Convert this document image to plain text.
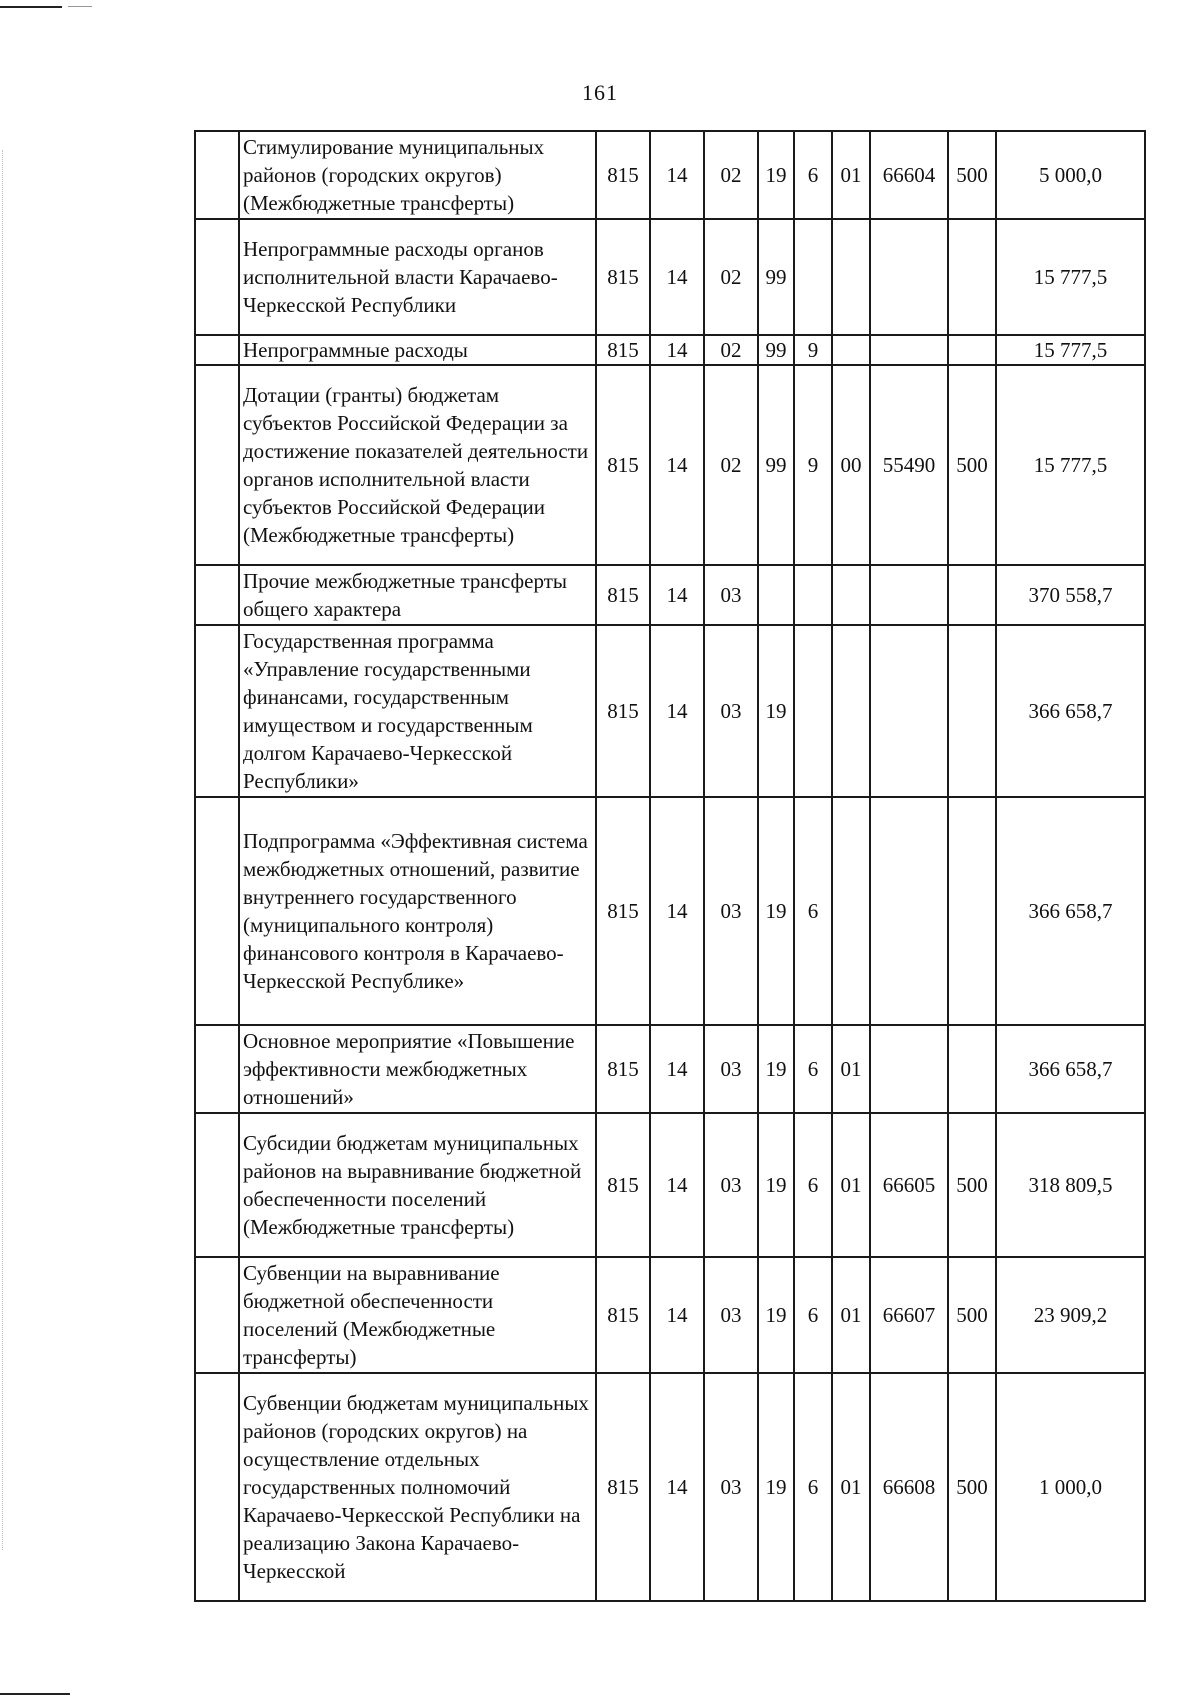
161
	Стимулирование муниципальных районов (городских округов) (Межбюджетные трансферты)	815	14	02	19	6	01	66604	500	5 000,0
	Непрограммные расходы органов исполнительной власти Карачаево-Черкесской Республики	815	14	02	99					15 777,5
	Непрограммные расходы	815	14	02	99	9				15 777,5
	Дотации (гранты) бюджетам субъектов Российской Федерации за достижение показателей деятельности органов исполнительной власти субъектов Российской Федерации (Межбюджетные трансферты)	815	14	02	99	9	00	55490	500	15 777,5
	Прочие межбюджетные трансферты общего характера	815	14	03						370 558,7
	Государственная программа «Управление государственными финансами, государственным имуществом и государственным долгом Карачаево-Черкесской Республики»	815	14	03	19					366 658,7
	Подпрограмма «Эффективная система межбюджетных отношений, развитие внутреннего государственного (муниципального контроля) финансового контроля в Карачаево-Черкесской Республике»	815	14	03	19	6				366 658,7
	Основное мероприятие «Повышение эффективности межбюджетных отношений»	815	14	03	19	6	01			366 658,7
	Субсидии бюджетам муниципальных районов на выравнивание бюджетной обеспеченности поселений (Межбюджетные трансферты)	815	14	03	19	6	01	66605	500	318 809,5
	Субвенции на выравнивание бюджетной обеспеченности поселений (Межбюджетные трансферты)	815	14	03	19	6	01	66607	500	23 909,2
	Субвенции бюджетам муниципальных районов (городских округов) на осуществление отдельных государственных полномочий Карачаево-Черкесской Республики на реализацию Закона Карачаево-Черкесской	815	14	03	19	6	01	66608	500	1 000,0
